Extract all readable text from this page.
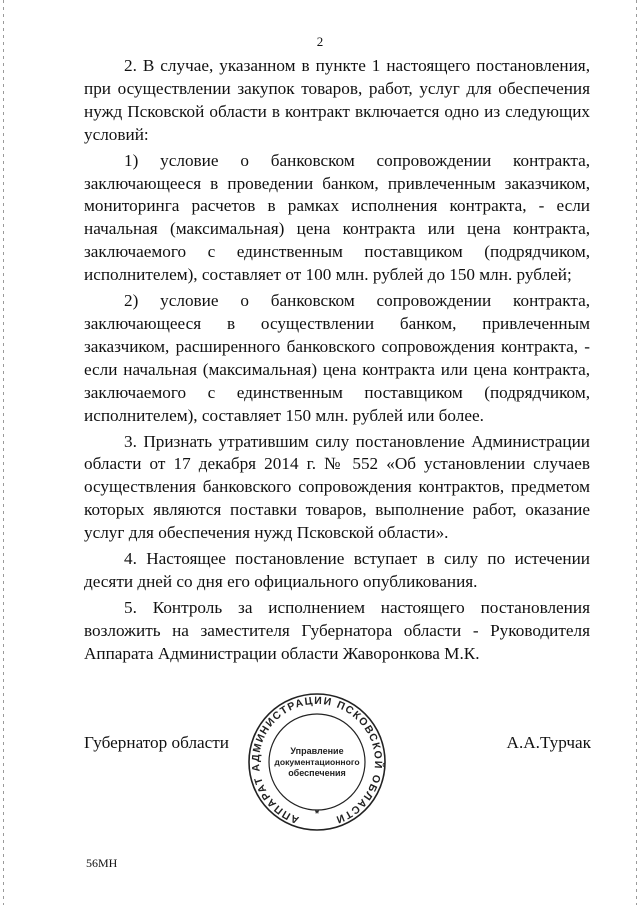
2

2. В случае, указанном в пункте 1 настоящего постановления, при осуществлении закупок товаров, работ, услуг для обеспечения нужд Псковской области в контракт включается одно из следующих условий:

1) условие о банковском сопровождении контракта, заключающееся в проведении банком, привлеченным заказчиком, мониторинга расчетов в рамках исполнения контракта, - если начальная (максимальная) цена контракта или цена контракта, заключаемого с единственным поставщиком (подрядчиком, исполнителем), составляет от 100 млн. рублей до 150 млн. рублей;

2) условие о банковском сопровождении контракта, заключающееся в осуществлении банком, привлеченным заказчиком, расширенного банковского сопровождения контракта, - если начальная (максимальная) цена контракта или цена контракта, заключаемого с единственным поставщиком (подрядчиком, исполнителем), составляет 150 млн. рублей или более.

3. Признать утратившим силу постановление Администрации области от 17 декабря 2014 г. № 552 «Об установлении случаев осуществления банковского сопровождения контрактов, предметом которых являются поставки товаров, выполнение работ, оказание услуг для обеспечения нужд Псковской области».

4. Настоящее постановление вступает в силу по истечении десяти дней со дня его официального опубликования.

5. Контроль за исполнением настоящего постановления возложить на заместителя Губернатора области - Руководителя Аппарата Администрации области Жаворонкова М.К.

Губернатор области
АППАРАТ АДМИНИСТРАЦИИ ПСКОВСКОЙ ОБЛАСТИ
Управление
документационного
обеспечения
*
А.А.Турчак
56МН
